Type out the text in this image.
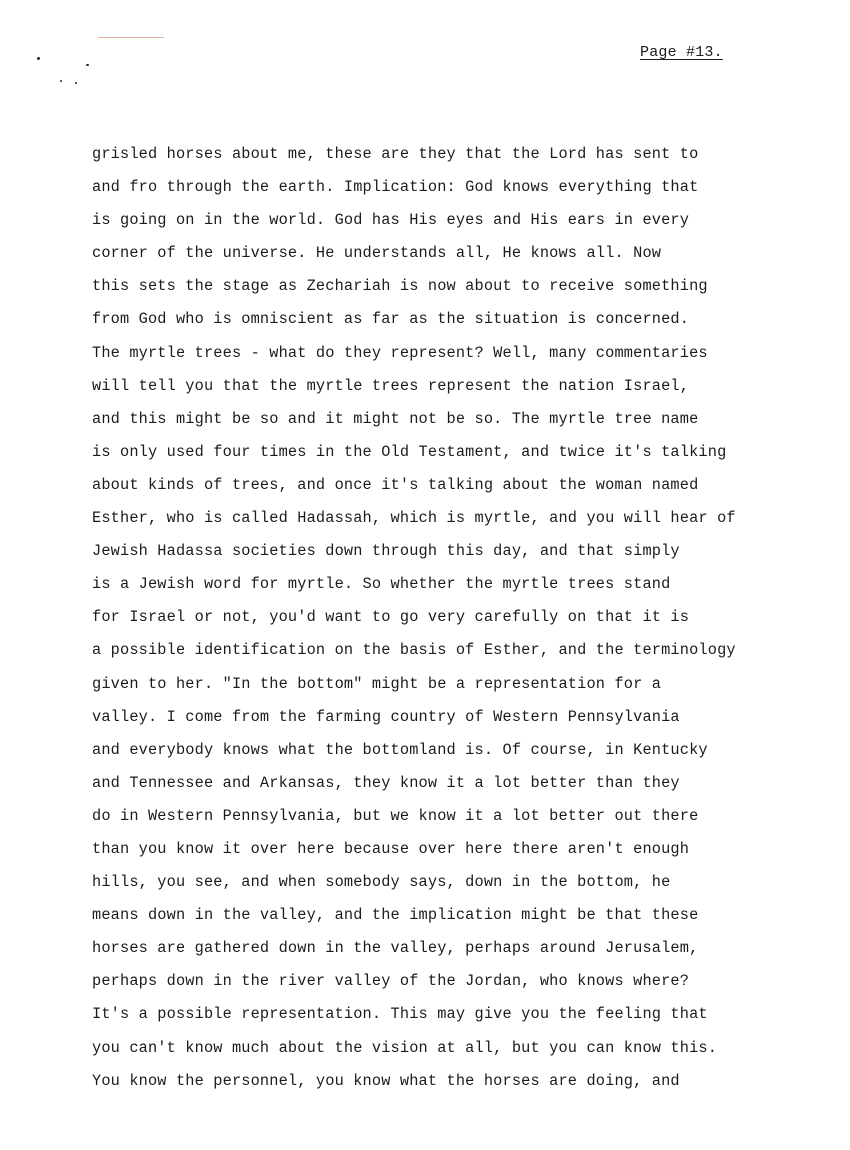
Page #13.
grisled horses about me, these are they that the Lord has sent to
and fro through the earth. Implication: God knows everything that
is going on in the world. God has His eyes and His ears in every
corner of the universe. He understands all, He knows all. Now
this sets the stage as Zechariah is now about to receive something
from God who is omniscient as far as the situation is concerned.
The myrtle trees - what do they represent? Well, many commentaries
will tell you that the myrtle trees represent the nation Israel,
and this might be so and it might not be so. The myrtle tree name
is only used four times in the Old Testament, and twice it's talking
about kinds of trees, and once it's talking about the woman named
Esther, who is called Hadassah, which is myrtle, and you will hear of
Jewish Hadassa societies down through this day, and that simply
is a Jewish word for myrtle. So whether the myrtle trees stand
for Israel or not, you'd want to go very carefully on that it is
a possible identification on the basis of Esther, and the terminology
given to her. "In the bottom" might be a representation for a
valley. I come from the farming country of Western Pennsylvania
and everybody knows what the bottomland is. Of course, in Kentucky
and Tennessee and Arkansas, they know it a lot better than they
do in Western Pennsylvania, but we know it a lot better out there
than you know it over here because over here there aren't enough
hills, you see, and when somebody says, down in the bottom, he
means down in the valley, and the implication might be that these
horses are gathered down in the valley, perhaps around Jerusalem,
perhaps down in the river valley of the Jordan, who knows where?
It's a possible representation. This may give you the feeling that
you can't know much about the vision at all, but you can know this.
You know the personnel, you know what the horses are doing, and
